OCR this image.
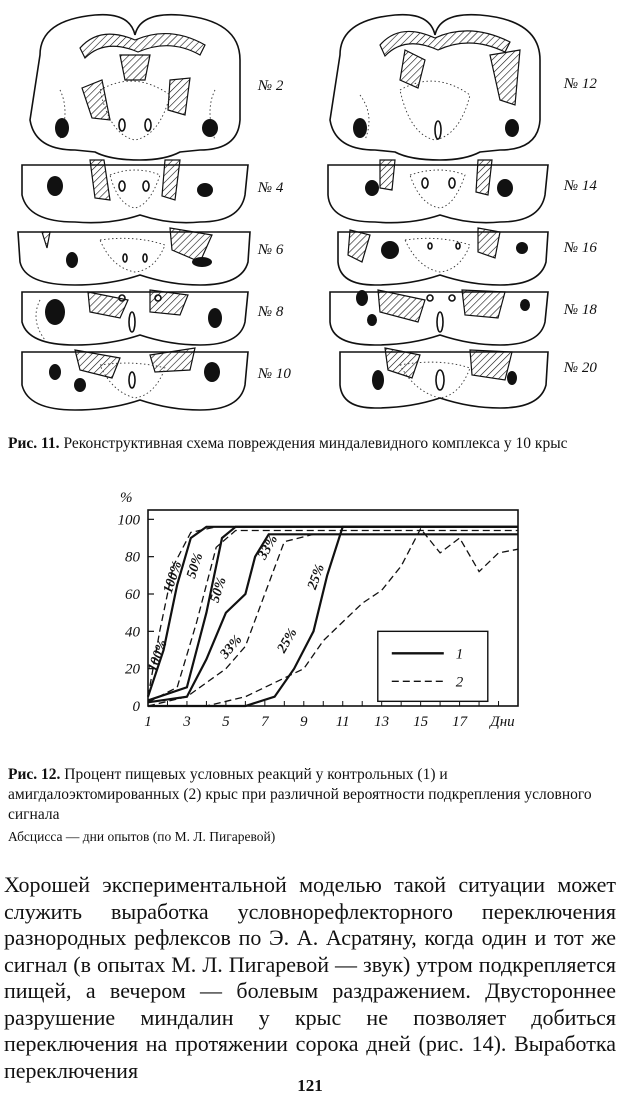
№ 2
№ 4
№ 6
№ 8
№ 10
№ 12
№ 14
№ 16
№ 18
№ 20
Рис. 11. Реконструктивная схема повреждения миндалевидного комплекса у 10 крыс
0
20
40
60
80
100
%
1 3 5 7 9 11 13 15 17 Дни
100% 50%
50%
33%
33%
25%
25%
100%	1
2
Рис. 12. Процент пищевых условных реакций у контрольных (1) и амигдалоэктомированных (2) крыс при различной вероятности подкрепления условного сигнала
Абсцисса — дни опытов (по М. Л. Пигаревой)
Хорошей экспериментальной моделью такой ситуации может служить выработка условнорефлекторного переключения разнородных рефлексов по Э. А. Асратяну, когда один и тот же сигнал (в опытах М. Л. Пигаревой — звук) утром подкрепляется пищей, а вечером — болевым раздражением. Двустороннее разрушение миндалин у крыс не позволяет добиться переключения на протяжении сорока дней (рис. 14). Выработка переключения
121
